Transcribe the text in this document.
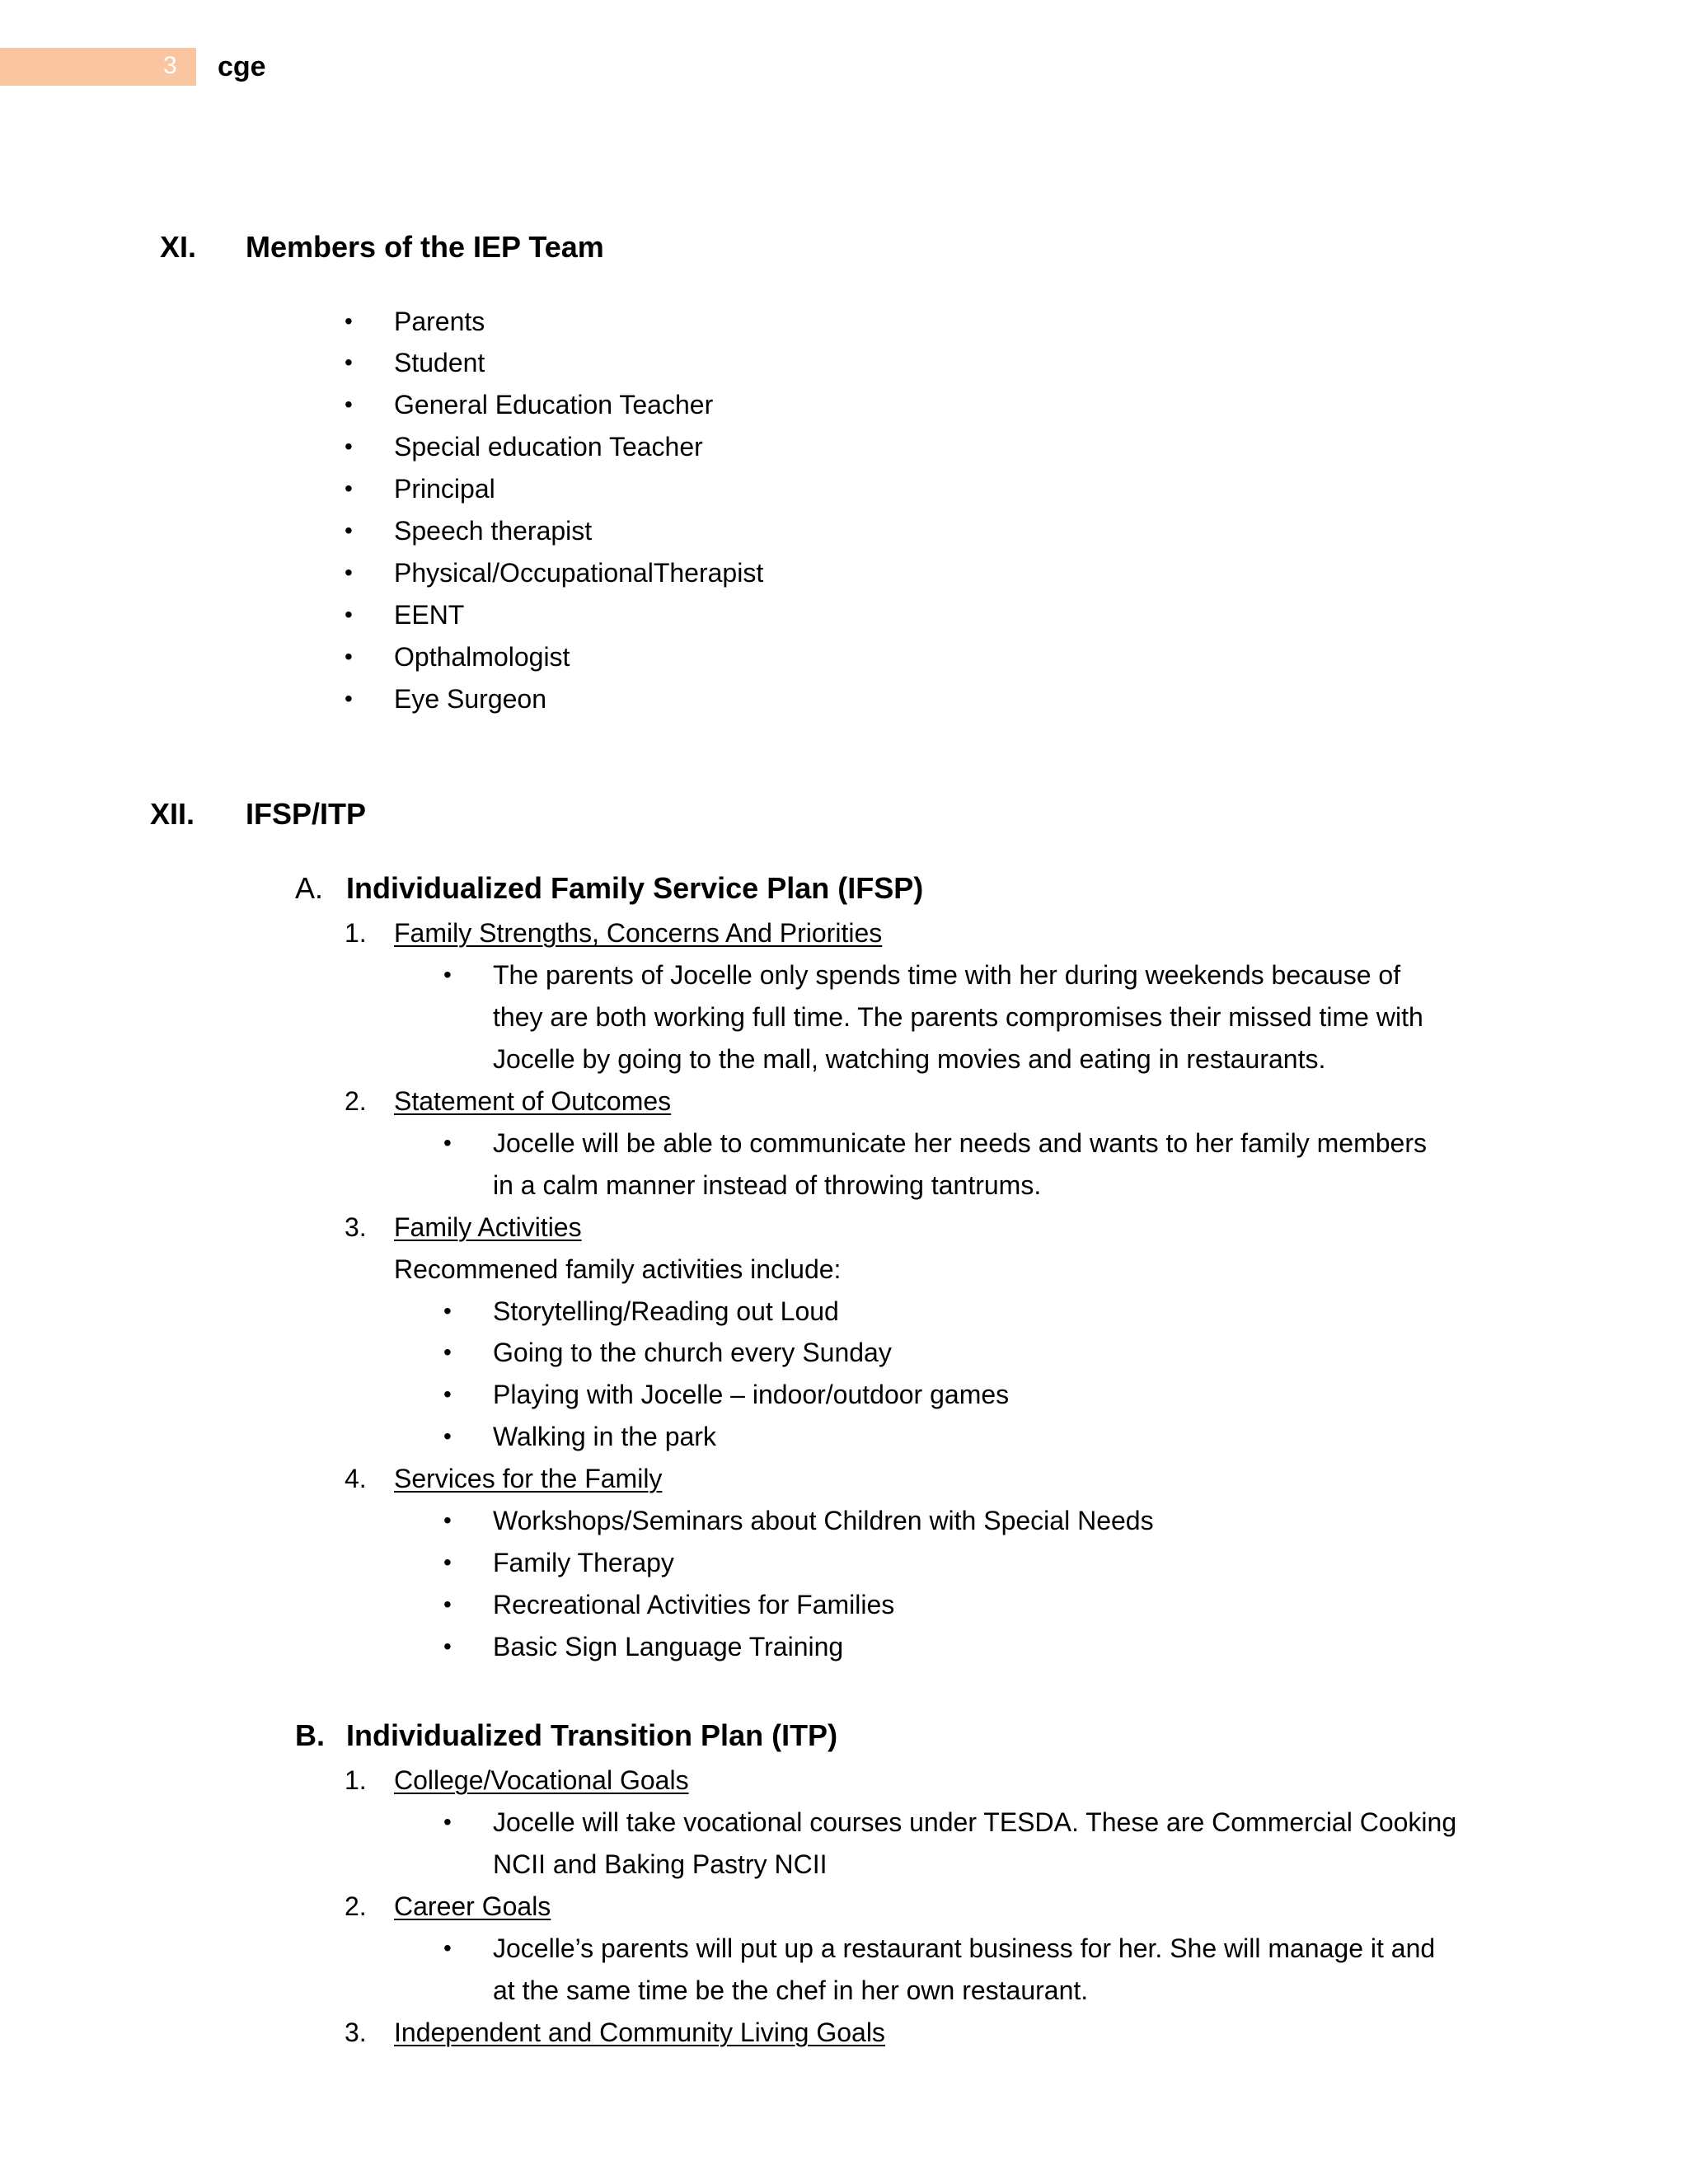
3 cge
XI. Members of the IEP Team
• Parents
• Student
• General Education Teacher
• Special education Teacher
• Principal
• Speech therapist
• Physical/OccupationalTherapist
• EENT
• Opthalmologist
• Eye Surgeon
XII. IFSP/ITP
A. Individualized Family Service Plan (IFSP)
1. Family Strengths, Concerns And Priorities
• The parents of Jocelle only spends time with her during weekends because of
they are both working full time. The parents compromises their missed time with
Jocelle by going to the mall, watching movies and eating in restaurants.
2. Statement of Outcomes
• Jocelle will be able to communicate her needs and wants to her family members
in a calm manner instead of throwing tantrums.
3. Family Activities
Recommened family activities include:
• Storytelling/Reading out Loud
• Going to the church every Sunday
• Playing with Jocelle – indoor/outdoor games
• Walking in the park
4. Services for the Family
• Workshops/Seminars about Children with Special Needs
• Family Therapy
• Recreational Activities for Families
• Basic Sign Language Training
B. Individualized Transition Plan (ITP)
1. College/Vocational Goals
• Jocelle will take vocational courses under TESDA. These are Commercial Cooking
NCII and Baking Pastry NCII
2. Career Goals
• Jocelle’s parents will put up a restaurant business for her. She will manage it and
at the same time be the chef in her own restaurant.
3. Independent and Community Living Goals
